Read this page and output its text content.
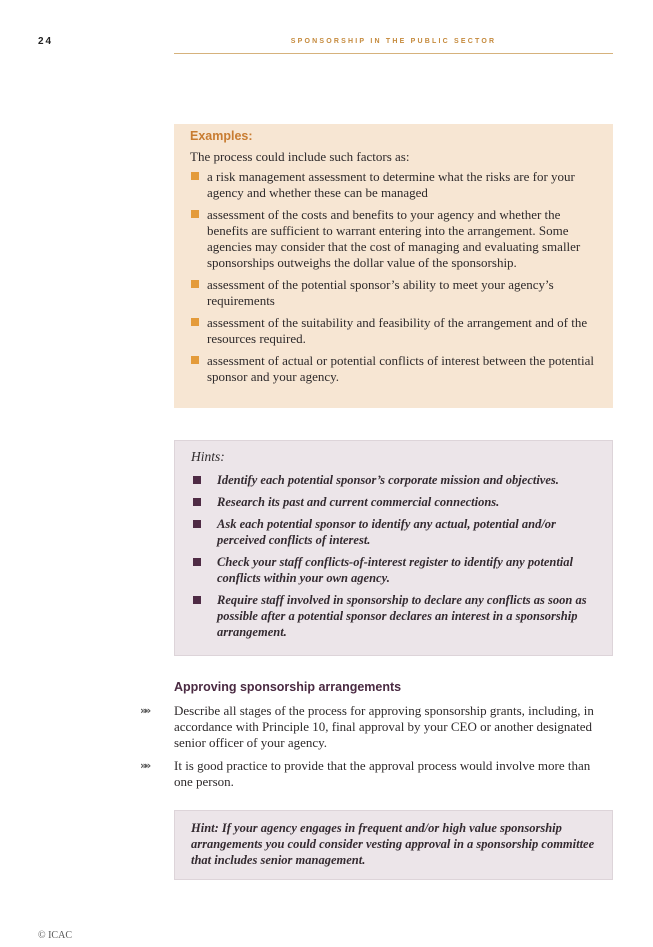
24	SPONSORSHIP IN THE PUBLIC SECTOR
Examples:

The process could include such factors as:

a risk management assessment to determine what the risks are for your agency and whether these can be managed
assessment of the costs and benefits to your agency and whether the benefits are sufficient to warrant entering into the arrangement. Some agencies may consider that the cost of managing and evaluating smaller sponsorships outweighs the dollar value of the sponsorship.
assessment of the potential sponsor’s ability to meet your agency’s requirements
assessment of the suitability and feasibility of the arrangement and of the resources required.
assessment of actual or potential conflicts of interest between the potential sponsor and your agency.
Hints:
Identify each potential sponsor’s corporate mission and objectives.
Research its past and current commercial connections.
Ask each potential sponsor to identify any actual, potential and/or perceived conflicts of interest.
Check your staff conflicts-of-interest register to identify any potential conflicts within your own agency.
Require staff involved in sponsorship to declare any conflicts as soon as possible after a potential sponsor declares an interest in a sponsorship arrangement.
Approving sponsorship arrangements
»» Describe all stages of the process for approving sponsorship grants, including, in accordance with Principle 10, final approval by your CEO or another designated senior officer of your agency.
»» It is good practice to provide that the approval process would involve more than one person.

Hint: If your agency engages in frequent and/or high value sponsorship arrangements you could consider vesting approval in a sponsorship committee that includes senior management.

© ICAC
